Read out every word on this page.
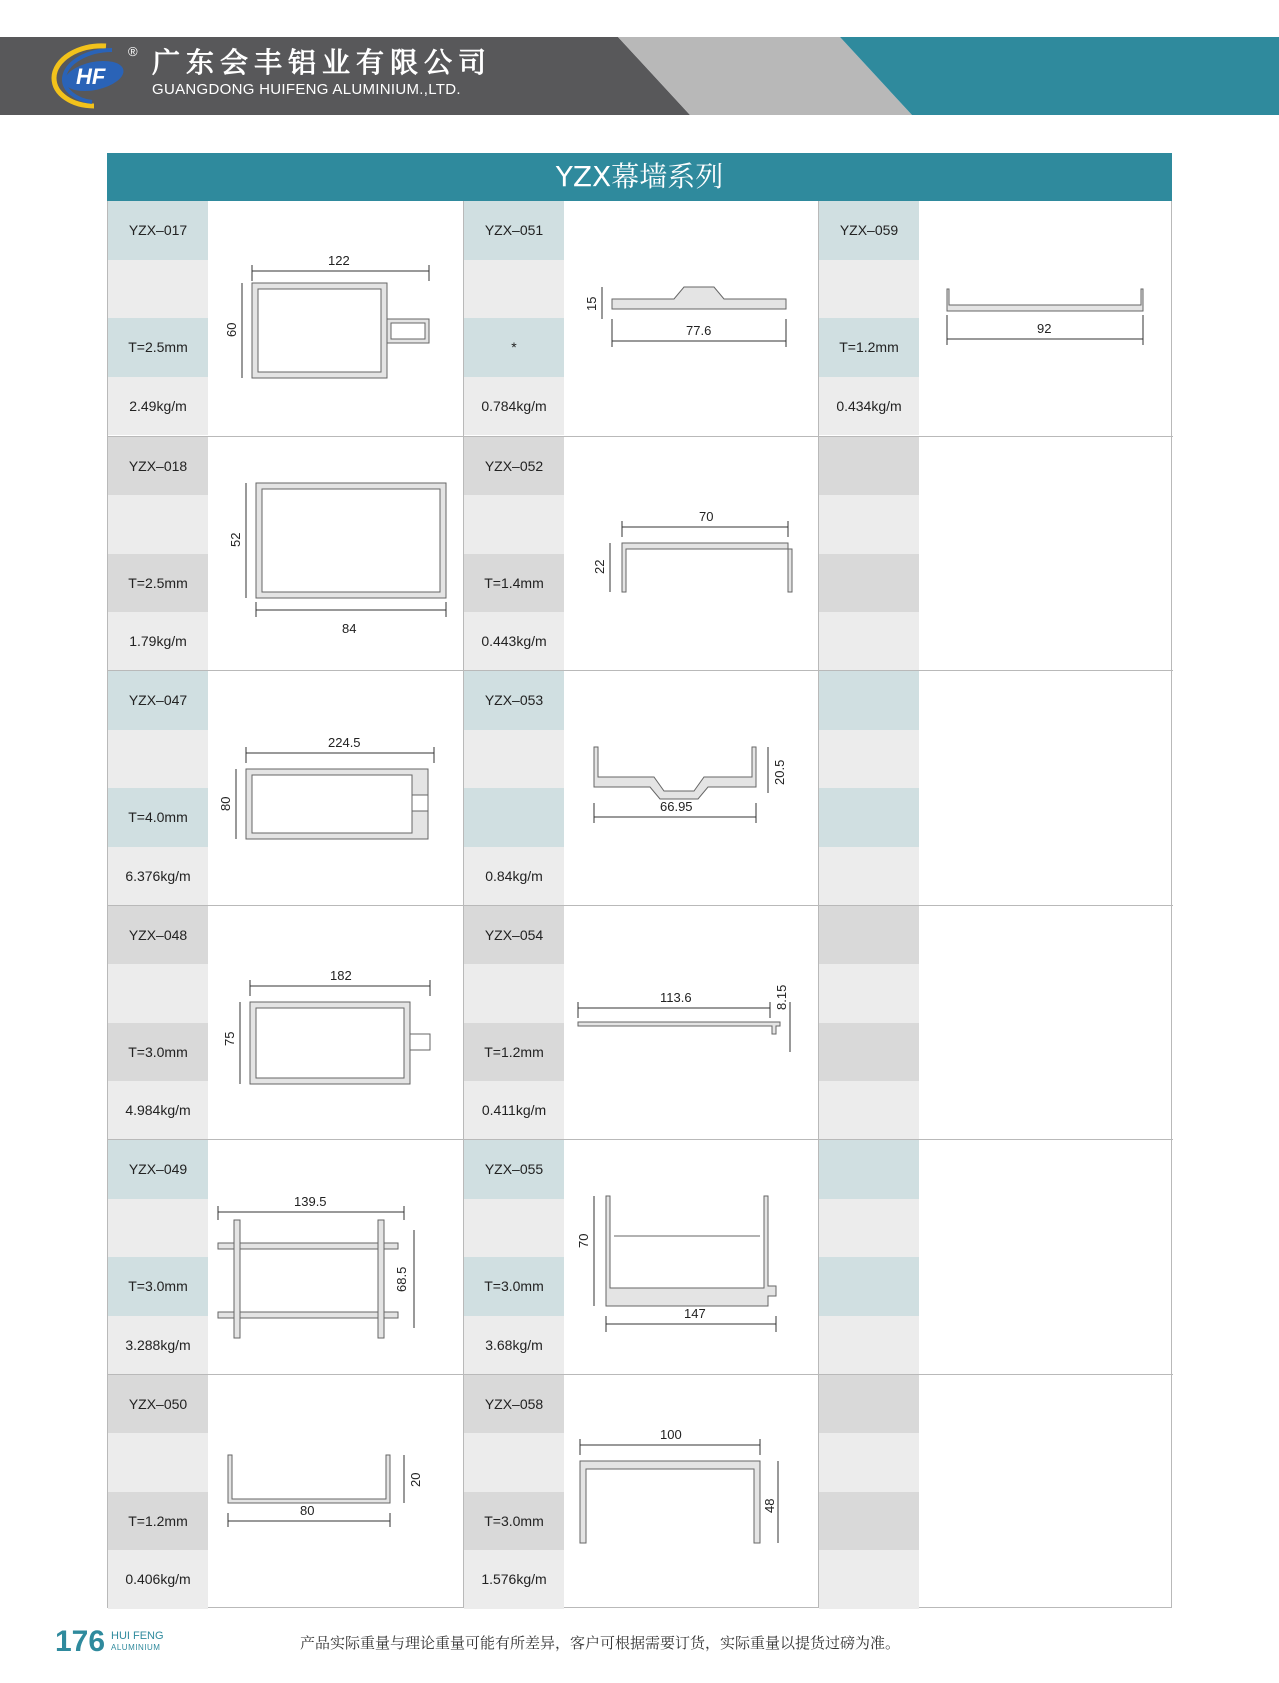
HF
® 广东会丰铝业有限公司
GUANGDONG HUIFENG ALUMINIUM.,LTD.
YZX幕墙系列
YZX–017
T=2.5mm
2.49kg/m
122
60
YZX–051
*
0.784kg/m
15
77.6
YZX–059
T=1.2mm
0.434kg/m
92
YZX–018
T=2.5mm
1.79kg/m
52
84
YZX–052
T=1.4mm
0.443kg/m
70
22
YZX–047
T=4.0mm
6.376kg/m
224.5
80
YZX–053
0.84kg/m
20.5
66.95
YZX–048
T=3.0mm
4.984kg/m
182
75
YZX–054
T=1.2mm
0.411kg/m
113.6	8.15
YZX–049
T=3.0mm
3.288kg/m
139.5
68.5
YZX–055
T=3.0mm
3.68kg/m
70
147
YZX–050
T=1.2mm
0.406kg/m
80
20
YZX–058
T=3.0mm
1.576kg/m
100
48
176 HUI FENG
ALUMINIUM	产品实际重量与理论重量可能有所差异，客户可根据需要订货，实际重量以提货过磅为准。
